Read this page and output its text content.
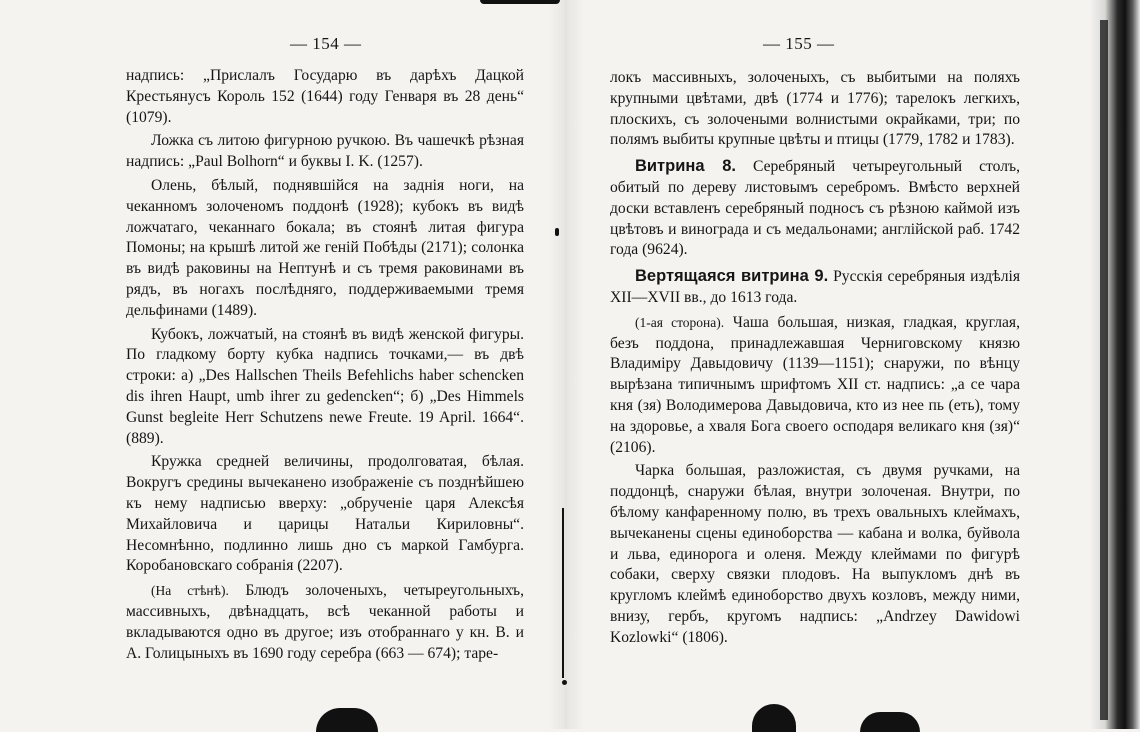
— 154 —

надпись: „Прислалъ Государю въ дарѣхъ Дацкой Крестьянусъ Король 152 (1644) году Генваря въ 28 день“ (1079).

Ложка съ литою фигурною ручкою. Въ чашечкѣ рѣзная надпись: „Paul Bolhorn“ и буквы I. K. (1257).

Олень, бѣлый, поднявшійся на заднія ноги, на чеканномъ золоченомъ поддонѣ (1928); кубокъ въ видѣ ложчатаго, чеканнаго бокала; въ стоянѣ литая фигура Помоны; на крышѣ литой же геній Побѣды (2171); солонка въ видѣ раковины на Нептунѣ и съ тремя раковинами въ рядъ, въ ногахъ послѣдняго, поддерживаемыми тремя дельфинами (1489).

Кубокъ, ложчатый, на стоянѣ въ видѣ женской фигуры. По гладкому борту кубка надпись точками,— въ двѣ строки: а) „Des Hallschen Theils Befehlichs haber schencken dis ihren Haupt, umb ihrer zu gedencken“; б) „Des Himmels Gunst begleite Herr Schutzens newe Freute. 19 April. 1664“. (889).

Кружка средней величины, продолговатая, бѣлая. Вокругъ средины вычеканено изображеніе съ позднѣйшею къ нему надписью вверху: „обрученіе царя Алексѣя Михайловича и царицы Натальи Кириловны“. Несомнѣнно, подлинно лишь дно съ маркой Гамбурга. Коробановскаго собранія (2207).

(На стѣнѣ). Блюдъ золоченыхъ, четыреугольныхъ, массивныхъ, двѣнадцать, всѣ чеканной работы и вкладываются одно въ другое; изъ отобраннаго у кн. В. и А. Голицыныхъ въ 1690 году серебра (663 — 674); таре-

— 155 —

локъ массивныхъ, золоченыхъ, съ выбитыми на поляхъ крупными цвѣтами, двѣ (1774 и 1776); тарелокъ легкихъ, плоскихъ, съ золочеными волнистыми окрайками, три; по полямъ выбиты крупные цвѣты и птицы (1779, 1782 и 1783).

Витрина 8. Серебряный четыреугольный столъ, обитый по дереву листовымъ серебромъ. Вмѣсто верхней доски вставленъ серебряный подносъ съ рѣзною каймой изъ цвѣтовъ и винограда и съ медальонами; англійской раб. 1742 года (9624).

Вертящаяся витрина 9. Русскія серебряныя издѣлія XII—XVII вв., до 1613 года.

(1-ая сторона). Чаша большая, низкая, гладкая, круглая, безъ поддона, принадлежавшая Черниговскому князю Владиміру Давыдовичу (1139—1151); снаружи, по вѣнцу вырѣзана типичнымъ шрифтомъ XII ст. надпись: „а се чара кня (зя) Володимерова Давыдовича, кто из нее пь (еть), тому на здоровье, а хваля Бога своего осподаря великаго кня (зя)“ (2106).

Чарка большая, разложистая, съ двумя ручками, на поддонцѣ, снаружи бѣлая, внутри золоченая. Внутри, по бѣлому канфаренному полю, въ трехъ овальныхъ клеймахъ, вычеканены сцены единоборства — кабана и волка, буйвола и льва, единорога и оленя. Между клеймами по фигурѣ собаки, сверху связки плодовъ. На выпукломъ днѣ въ кругломъ клеймѣ единоборство двухъ козловъ, между ними, внизу, гербъ, кругомъ надпись: „Andrzey Dawidowi Kozlowki“ (1806).
